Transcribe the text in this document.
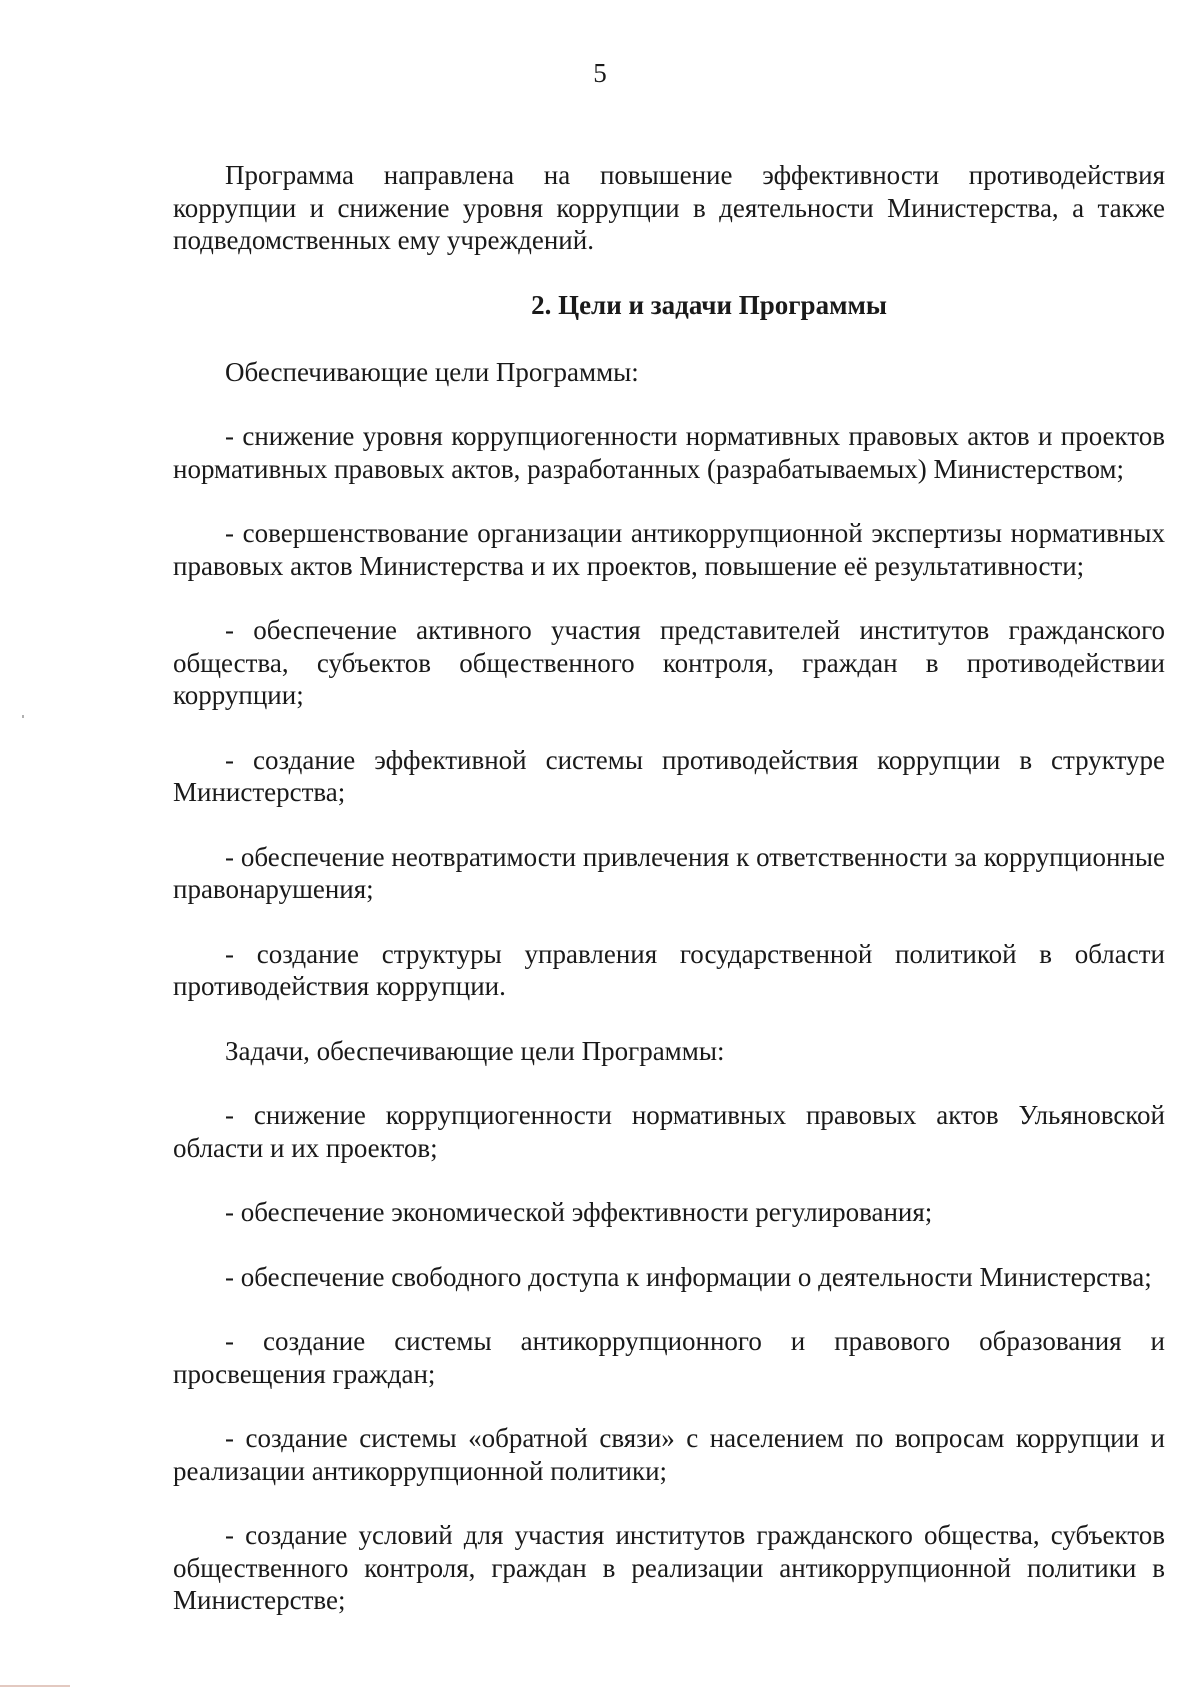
5

Программа направлена на повышение эффективности противодействия коррупции и снижение уровня коррупции в деятельности Министерства, а также подведомственных ему учреждений.

2. Цели и задачи Программы

Обеспечивающие цели Программы:

- снижение уровня коррупциогенности нормативных правовых актов и проектов нормативных правовых актов, разработанных (разрабатываемых) Министерством;

- совершенствование организации антикоррупционной экспертизы нормативных правовых актов Министерства и их проектов, повышение её результативности;

- обеспечение активного участия представителей институтов гражданского общества, субъектов общественного контроля, граждан в противодействии коррупции;

- создание эффективной системы противодействия коррупции в структуре Министерства;

- обеспечение неотвратимости привлечения к ответственности за коррупционные правонарушения;

- создание структуры управления государственной политикой в области противодействия коррупции.

Задачи, обеспечивающие цели Программы:

- снижение коррупциогенности нормативных правовых актов Ульяновской области и их проектов;

- обеспечение экономической эффективности регулирования;

- обеспечение свободного доступа к информации о деятельности Министерства;

- создание системы антикоррупционного и правового образования и просвещения граждан;

- создание системы «обратной связи» с населением по вопросам коррупции и реализации антикоррупционной политики;

- создание условий для участия институтов гражданского общества, субъектов общественного контроля, граждан в реализации антикоррупционной политики в Министерстве;
